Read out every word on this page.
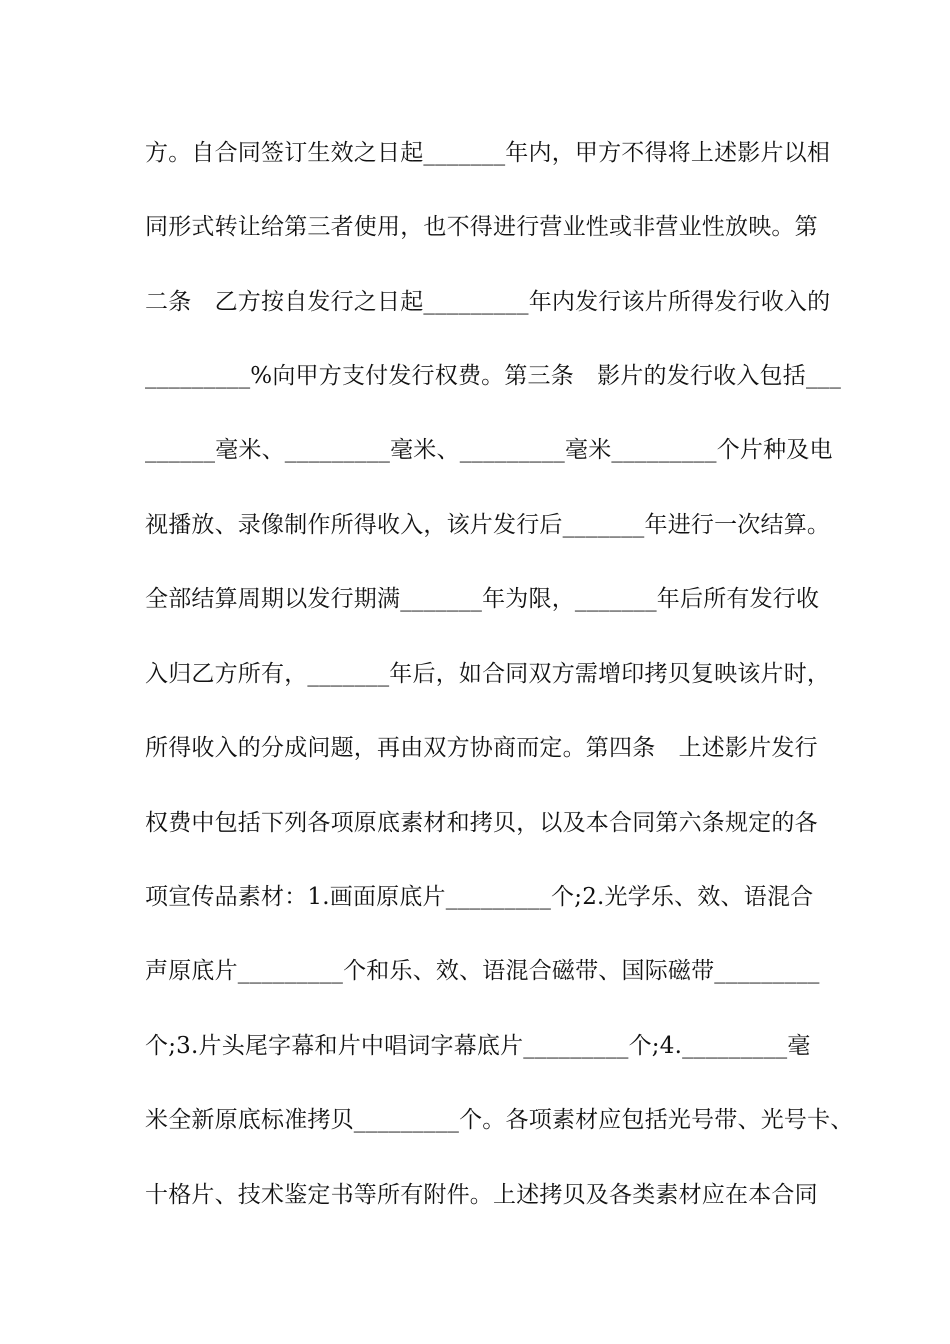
方。自合同签订生效之日起_______年内，甲方不得将上述影片以相
同形式转让给第三者使用，也不得进行营业性或非营业性放映。第
二条　乙方按自发行之日起_________年内发行该片所得发行收入的
_________%向甲方支付发行权费。第三条　影片的发行收入包括___
______毫米、_________毫米、_________毫米_________个片种及电
视播放、录像制作所得收入，该片发行后_______年进行一次结算。
全部结算周期以发行期满_______年为限，_______年后所有发行收
入归乙方所有，_______年后，如合同双方需增印拷贝复映该片时，
所得收入的分成问题，再由双方协商而定。第四条　上述影片发行
权费中包括下列各项原底素材和拷贝，以及本合同第六条规定的各
项宣传品素材：1.画面原底片_________个;2.光学乐、效、语混合
声原底片_________个和乐、效、语混合磁带、国际磁带_________
个;3.片头尾字幕和片中唱词字幕底片_________个;4._________毫
米全新原底标准拷贝_________个。各项素材应包括光号带、光号卡、
十格片、技术鉴定书等所有附件。上述拷贝及各类素材应在本合同
